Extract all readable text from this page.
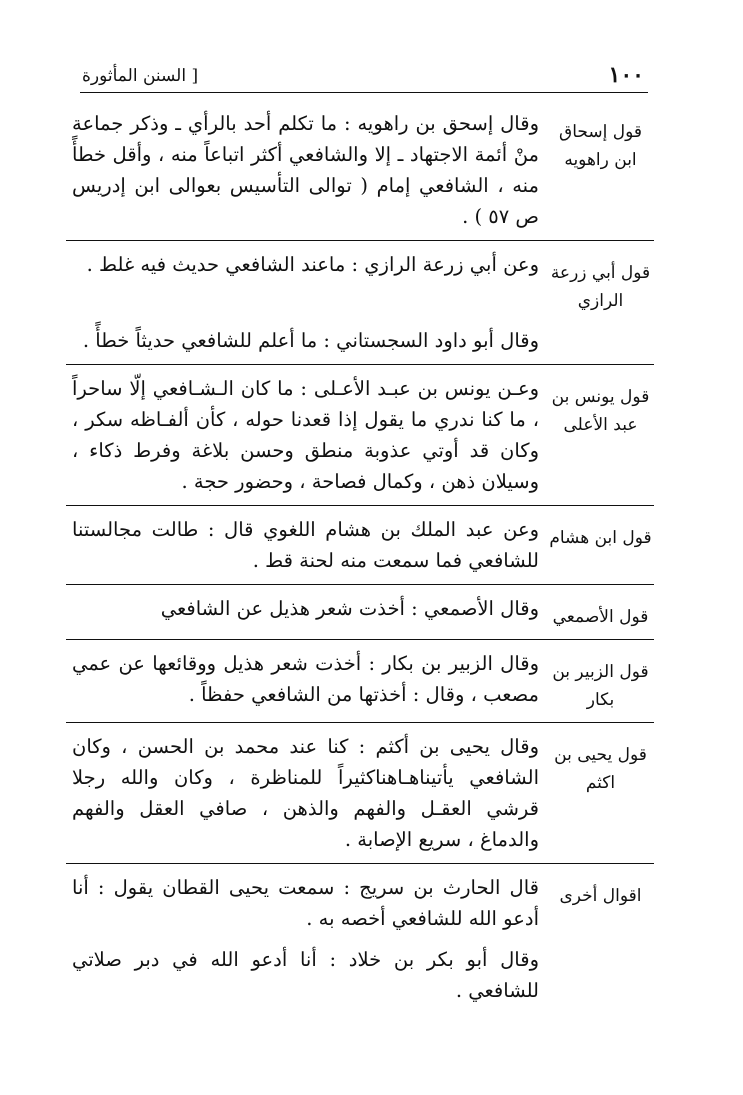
١٠٠
[ السنن المأثورة
قول إسحاق ابن راهويه

وقال إسحق بن راهويه : ما تكلم أحد بالرأي ـ وذكر جماعة منْ أئمة الاجتهاد ـ إلا والشافعي أكثر اتباعاً منه ، وأقل خطأً منه ، الشافعي إمام ( توالى التأسيس بعوالى ابن إدريس ص ٥٧ ) .

قول أبي زرعة الرازي

وعن أبي زرعة الرازي : ماعند الشافعي حديث فيه غلط .

وقال أبو داود السجستاني : ما أعلم للشافعي حديثاً خطأً .

قول يونس بن عبد الأعلى

وعـن يونس بن عبـد الأعـلى : ما كان الـشـافعي إلّا ساحراً ، ما كنا ندري ما يقول إذا قعدنا حوله ، كأن ألفـاظه سكر ، وكان قد أوتي عذوبة منطق وحسن بلاغة وفرط ذكاء ، وسيلان ذهن ، وكمال فصاحة ، وحضور حجة .

قول ابن هشام

وعن عبد الملك بن هشام اللغوي قال : طالت مجالستنا للشافعي فما سمعت منه لحنة قط .

قول الأصمعي

وقال الأصمعي : أخذت شعر هذيل عن الشافعي

قول الزبير بن بكار

وقال الزبير بن بكار : أخذت شعر هذيل ووقائعها عن عمي مصعب ، وقال : أخذتها من الشافعي حفظاً .

قول يحيى بن اكثم

وقال يحيى بن أكثم : كنا عند محمد بن الحسن ، وكان الشافعي يأتيناهـاهناكثيراً للمناظرة ، وكان والله رجلا قرشي العقـل والفهم والذهن ، صافي العقل والفهم والدماغ ، سريع الإصابة .

اقوال أخرى

قال الحارث بن سريج : سمعت يحيى القطان يقول : أنا أدعو الله للشافعي أخصه به .

وقال أبو بكر بن خلاد : أنا أدعو الله في دبر صلاتي للشافعي .
